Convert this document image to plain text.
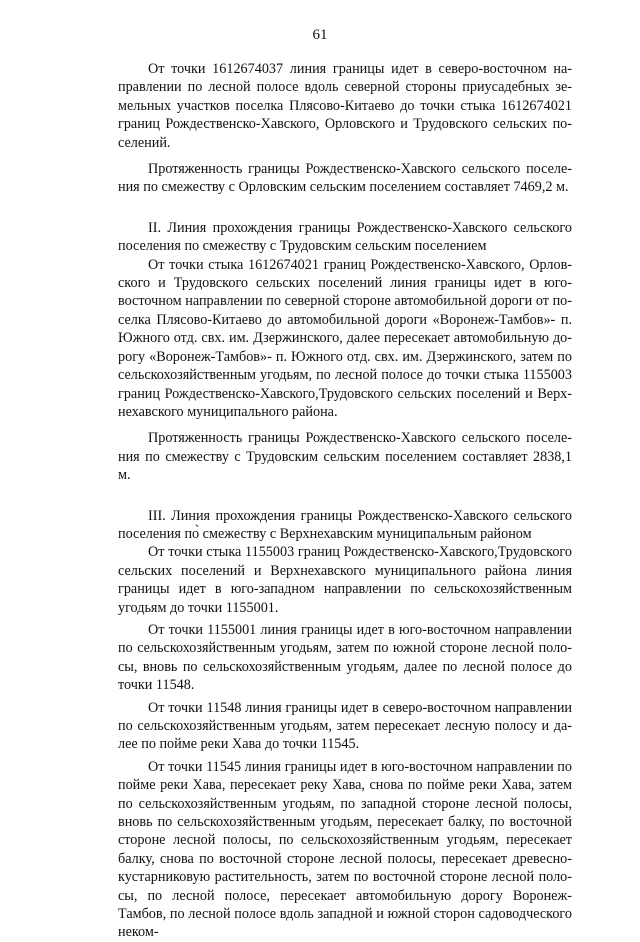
61

От точки 1612674037 линия границы идет в северо-восточном направлении по лесной полосе вдоль северной стороны приусадебных земельных участков поселка Плясово-Китаево до точки стыка 1612674021 границ Рождественско-Хавского, Орловского и Трудовского сельских поселений.

Протяженность границы Рождественско-Хавского сельского поселения по смежеству с Орловским сельским поселением составляет 7469,2 м.

II. Линия прохождения границы Рождественско-Хавского сельского поселения по смежеству с Трудовским сельским поселением

От точки стыка 1612674021 границ Рождественско-Хавского, Орловского и Трудовского сельских поселений линия границы идет в юго-восточном направлении по северной стороне автомобильной дороги от поселка Плясово-Китаево до автомобильной дороги «Воронеж-Тамбов»- п. Южного отд. свх. им. Дзержинского, далее пересекает автомобильную дорогу «Воронеж-Тамбов»- п. Южного отд. свх. им. Дзержинского, затем по сельскохозяйственным угодьям, по лесной полосе до точки стыка 1155003 границ Рождественско-Хавского,Трудовского сельских поселений и Верхнехавского муниципального района.

Протяженность границы Рождественско-Хавского сельского поселения по смежеству с Трудовским сельским поселением составляет 2838,1 м.

III. Линия прохождения границы Рождественско-Хавского сельского поселения по̀ смежеству с Верхнехавским муниципальным районом

От точки стыка 1155003 границ Рождественско-Хавского,Трудовского сельских поселений и Верхнехавского муниципального района линия границы идет в юго-западном направлении по сельскохозяйственным угодьям до точки 1155001.

От точки 1155001 линия границы идет в юго-восточном направлении по сельскохозяйственным угодьям, затем по южной стороне лесной полосы, вновь по сельскохозяйственным угодьям, далее по лесной полосе до точки 11548.

От точки 11548 линия границы идет в северо-восточном направлении по сельскохозяйственным угодьям, затем пересекает лесную полосу и далее по пойме реки Хава до точки 11545.

От точки 11545 линия границы идет в юго-восточном направлении по пойме реки Хава, пересекает реку Хава, снова по пойме реки Хава, затем по сельскохозяйственным угодьям, по западной стороне лесной полосы, вновь по сельскохозяйственным угодьям, пересекает балку, по восточной стороне лесной полосы, по сельскохозяйственным угодьям, пересекает балку, снова по восточной стороне лесной полосы, пересекает древесно-кустарниковую растительность, затем по восточной стороне лесной полосы, по лесной полосе, пересекает автомобильную дорогу Воронеж-Тамбов, по лесной полосе вдоль западной и южной сторон садоводческого неком-
